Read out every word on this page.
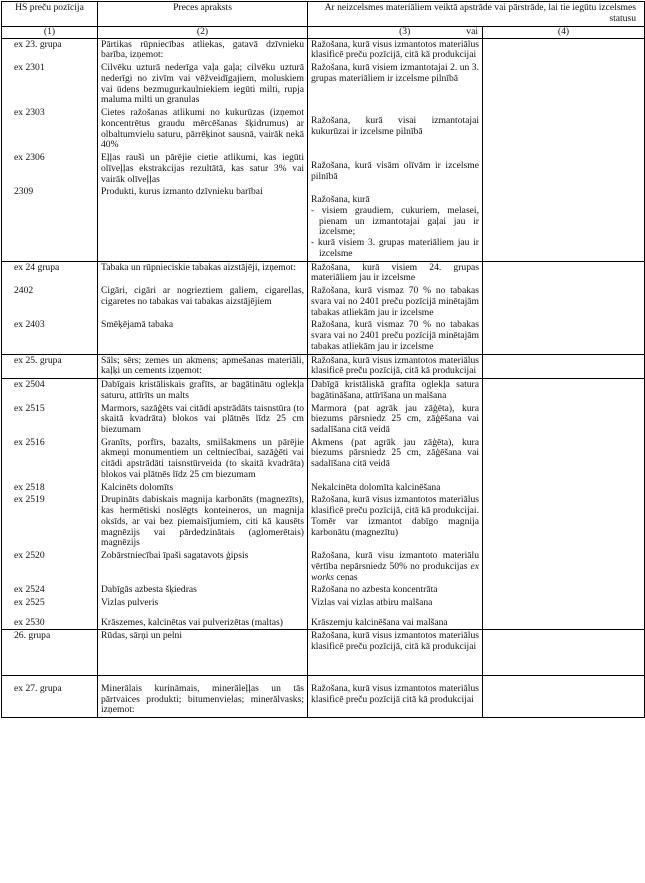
HS preču pozīcija	Preces apraksts	Ar neizcelsmes materiāliem veiktā apstrāde vai pārstrāde, lai tie iegūtu izcelsmes statusu	
(1)	(2)	(3) vai	(4)
ex 23. grupa	Pārtikas rūpniecības atliekas, gatavā dzīvnieku barība, izņemot:	Ražošana, kurā visus izmantotos materiālus klasificē preču pozīcijā, citā kā produkcijai	
ex 2301	Cilvēku uzturā nederīga vaļa gaļa; cilvēku uzturā nederīgi no zivīm vai vēžveidīgajiem, moluskiem vai ūdens bezmugurkaulniekiem iegūti milti, rupja maluma milti un granulas	Ražošana, kurā visiem izmantotajai 2. un 3. grupas materiāliem ir izcelsme pilnībā	
ex 2303	Cietes ražošanas atlikumi no kukurūzas (izņemot koncentrētus graudu mērcēšanas šķidrumus) ar olbaltumvielu saturu, pārrēķinot sausnā, vairāk nekā 40%	Ražošana, kurā visai izmantotajai kukurūzai ir izcelsme pilnībā	
ex 2306	Eļļas rauši un pārējie cietie atlikumi, kas iegūti olīveļļas ekstrakcijas rezultātā, kas satur 3% vai vairāk olīveļļas	Ražošana, kurā visām olīvām ir izcelsme pilnībā	
2309	Produkti, kurus izmanto dzīvnieku barībai	Ražošana, kurā
- visiem graudiem, cukuriem, melasei, pienam un izmantotajai gaļai jau ir izcelsme;
- kurā visiem 3. grupas materiāliem jau ir izcelsme	

ex 24 grupa	Tabaka un rūpnieciskie tabakas aizstājēji, izņemot:	Ražošana, kurā visiem 24. grupas materiāliem jau ir izcelsme	
2402	Cigāri, cigāri ar nogrieztiem galiem, cigarellas, cigaretes no tabakas vai tabakas aizstājējiem	Ražošana, kurā vismaz 70 % no tabakas svara vai no 2401 preču pozīcijā minētajām tabakas atliekām jau ir izcelsme	
ex 2403	Smēķējamā tabaka	Ražošana, kurā vismaz 70 % no tabakas svara vai no 2401 preču pozīcijā minētajām tabakas atliekām jau ir izcelsme	
ex 25. grupa	Sāls; sērs; zemes un akmens; apmešanas materiāli, kaļķi un cements izņemot:	Ražošana, kurā visus izmantotos materiālus klasificē preču pozīcijā, citā kā produkcijai	
ex 2504	Dabīgais kristāliskais grafīts, ar bagātinātu oglekļa saturu, attīrīts un malts	Dabīgā kristāliskā grafīta oglekļa satura bagātināšana, attīrīšana un malšana	
ex 2515	Marmors, sazāģēts vai citādi apstrādāts taisnstūra (to skaitā kvadrāta) blokos vai plātnēs līdz 25 cm biezumam	Marmora (pat agrāk jau zāģēta), kura biezums pārsniedz 25 cm, zāģēšana vai sadalīšana citā veidā	
ex 2516	Granīts, porfīrs, bazalts, smilšakmens un pārējie akmeņi monumentiem un celtniecībai, sazāģēti vai citādi apstrādāti taisnstūrveida (to skaitā kvadrāta) blokos vai plātnēs līdz 25 cm biezumam	Akmens (pat agrāk jau zāģēta), kura biezums pārsniedz 25 cm, zāģēšana vai sadalīšana citā veidā	
ex 2518	Kalcinēts dolomīts	Nekalcinēta dolomīta kalcinēšana	
ex 2519	Drupināts dabiskais magnija karbonāts (magnezīts), kas hermētiski noslēgts konteineros, un magnija oksīds, ar vai bez piemaisījumiem, citi kā kausēts magnēzijs vai pārdedzinātais (aglomerētais) magnēzijs	Ražošana, kurā visus izmantotos materiālus klasificē preču pozīcijā, citā kā produkcijai. Tomēr var izmantot dabīgo magnija karbonātu (magnezītu)	
ex 2520	Zobārstniecībai īpaši sagatavots ģipsis	Ražošana, kurā visu izmantoto materiālu vērtība nepārsniedz 50% no produkcijas ex works cenas	
ex 2524	Dabīgās azbesta šķiedras	Ražošana no azbesta koncentrāta	
ex 2525	Vizlas pulveris	Vizlas vai vizlas atbiru malšana	
ex 2530	Krāszemes, kalcinētas vai pulverizētas (maltas)	Krāszemju kalcinēšana vai malšana	
26. grupa	Rūdas, sārņi un pelni	Ražošana, kurā visus izmantotos materiālus klasificē preču pozīcijā, citā kā produkcijai	
ex 27. grupa	Minerālais kurināmais, minerāleļļas un tās pārtvaices produkti; bitumenvielas; minerālvasks; izņemot:	Ražošana, kurā visus izmantotos materiālus klasificē preču pozīcijā citā kā produkcijai	
